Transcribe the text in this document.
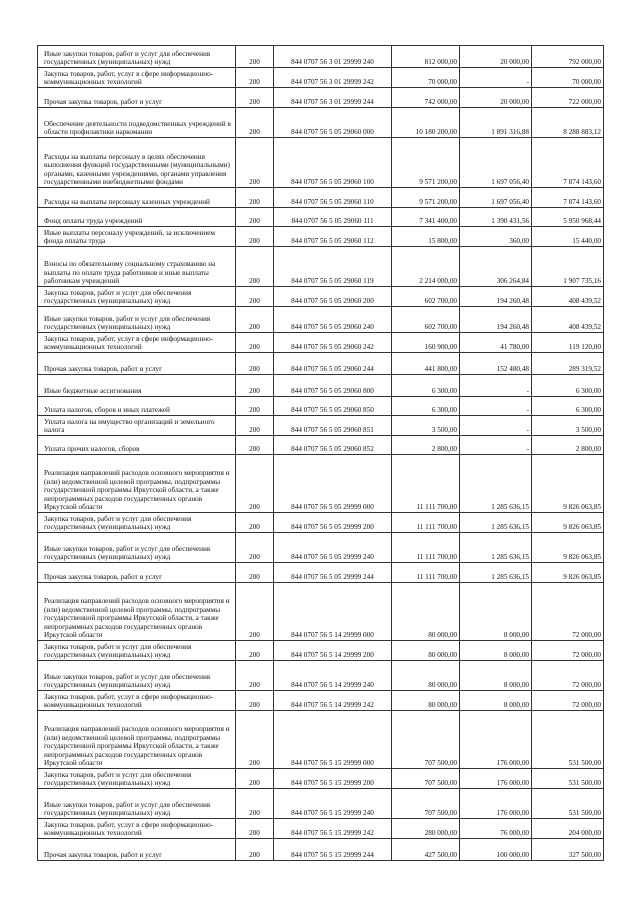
Иные закупки товаров, работ и услуг для обеспечения государственных (муниципальных) нужд	200	844 0707 56 3 01 29999 240	812 000,00	20 000,00	792 000,00
Закупка товаров, работ, услуг в сфере информационно-коммуникационных технологий	200	844 0707 56 3 01 29999 242	70 000,00	-	70 000,00
Прочая закупка товаров, работ и услуг	200	844 0707 56 3 01 29999 244	742 000,00	20 000,00	722 000,00
Обеспечение деятельности подведомственных учреждений в области профилактики наркомании	200	844 0707 56 5 05 29060 000	10 180 200,00	1 891 316,88	8 288 883,12
Расходы на выплаты персоналу в целях обеспечения выполнения функций государственными (муниципальными) органами, казенными учреждениями, органами управления государственными внебюджетными фондами	200	844 0707 56 5 05 29060 100	9 571 200,00	1 697 056,40	7 874 143,60
Расходы на выплаты персоналу казенных учреждений	200	844 0707 56 5 05 29060 110	9 571 200,00	1 697 056,40	7 874 143,60
Фонд оплаты труда учреждений	200	844 0707 56 5 05 29060 111	7 341 400,00	1 390 431,56	5 950 968,44
Иные выплаты персоналу учреждений, за исключением фонда оплаты труда	200	844 0707 56 5 05 29060 112	15 800,00	360,00	15 440,00
Взносы по обязательному социальному страхованию на выплаты по оплате труда работников и иные выплаты работникам учреждений	200	844 0707 56 5 05 29060 119	2 214 000,00	306 264,84	1 907 735,16
Закупка товаров, работ и услуг для обеспечения государственных (муниципальных) нужд	200	844 0707 56 5 05 29060 200	602 700,00	194 260,48	408 439,52
Иные закупки товаров, работ и услуг для обеспечения государственных (муниципальных) нужд	200	844 0707 56 5 05 29060 240	602 700,00	194 260,48	408 439,52
Закупка товаров, работ, услуг в сфере информационно-коммуникационных технологий	200	844 0707 56 5 05 29060 242	160 900,00	41 780,00	119 120,00
Прочая закупка товаров, работ и услуг	200	844 0707 56 5 05 29060 244	441 800,00	152 480,48	289 319,52
Иные бюджетные ассигнования	200	844 0707 56 5 05 29060 800	6 300,00	-	6 300,00
Уплата налогов, сборов и иных платежей	200	844 0707 56 5 05 29060 850	6 300,00	-	6 300,00
Уплата налога на имущество организаций и земельного налога	200	844 0707 56 5 05 29060 851	3 500,00	-	3 500,00
Уплата прочих налогов, сборов	200	844 0707 56 5 05 29060 852	2 800,00	-	2 800,00
Реализация направлений расходов основного мероприятия и (или) ведомственной целевой программы, подпрограммы государственной программы Иркутской области, а также непрограммных расходов государственных органов Иркутской области	200	844 0707 56 5 05 29999 000	11 111 700,00	1 285 636,15	9 826 063,85
Закупка товаров, работ и услуг для обеспечения государственных (муниципальных) нужд	200	844 0707 56 5 05 29999 200	11 111 700,00	1 285 636,15	9 826 063,85
Иные закупки товаров, работ и услуг для обеспечения государственных (муниципальных) нужд	200	844 0707 56 5 05 29999 240	11 111 700,00	1 285 636,15	9 826 063,85
Прочая закупка товаров, работ и услуг	200	844 0707 56 5 05 29999 244	11 111 700,00	1 285 636,15	9 826 063,85
Реализация направлений расходов основного мероприятия и (или) ведомственной целевой программы, подпрограммы государственной программы Иркутской области, а также непрограммных расходов государственных органов Иркутской области	200	844 0707 56 5 14 29999 000	80 000,00	8 000,00	72 000,00
Закупка товаров, работ и услуг для обеспечения государственных (муниципальных) нужд	200	844 0707 56 5 14 29999 200	80 000,00	8 000,00	72 000,00
Иные закупки товаров, работ и услуг для обеспечения государственных (муниципальных) нужд	200	844 0707 56 5 14 29999 240	80 000,00	8 000,00	72 000,00
Закупка товаров, работ, услуг в сфере информационно-коммуникационных технологий	200	844 0707 56 5 14 29999 242	80 000,00	8 000,00	72 000,00
Реализация направлений расходов основного мероприятия и (или) ведомственной целевой программы, подпрограммы государственной программы Иркутской области, а также непрограммных расходов государственных органов Иркутской области	200	844 0707 56 5 15 29999 000	707 500,00	176 000,00	531 500,00
Закупка товаров, работ и услуг для обеспечения государственных (муниципальных) нужд	200	844 0707 56 5 15 29999 200	707 500,00	176 000,00	531 500,00
Иные закупки товаров, работ и услуг для обеспечения государственных (муниципальных) нужд	200	844 0707 56 5 15 29999 240	707 500,00	176 000,00	531 500,00
Закупка товаров, работ, услуг в сфере информационно-коммуникационных технологий	200	844 0707 56 5 15 29999 242	280 000,00	76 000,00	204 000,00
Прочая закупка товаров, работ и услуг	200	844 0707 56 5 15 29999 244	427 500,00	100 000,00	327 500,00
